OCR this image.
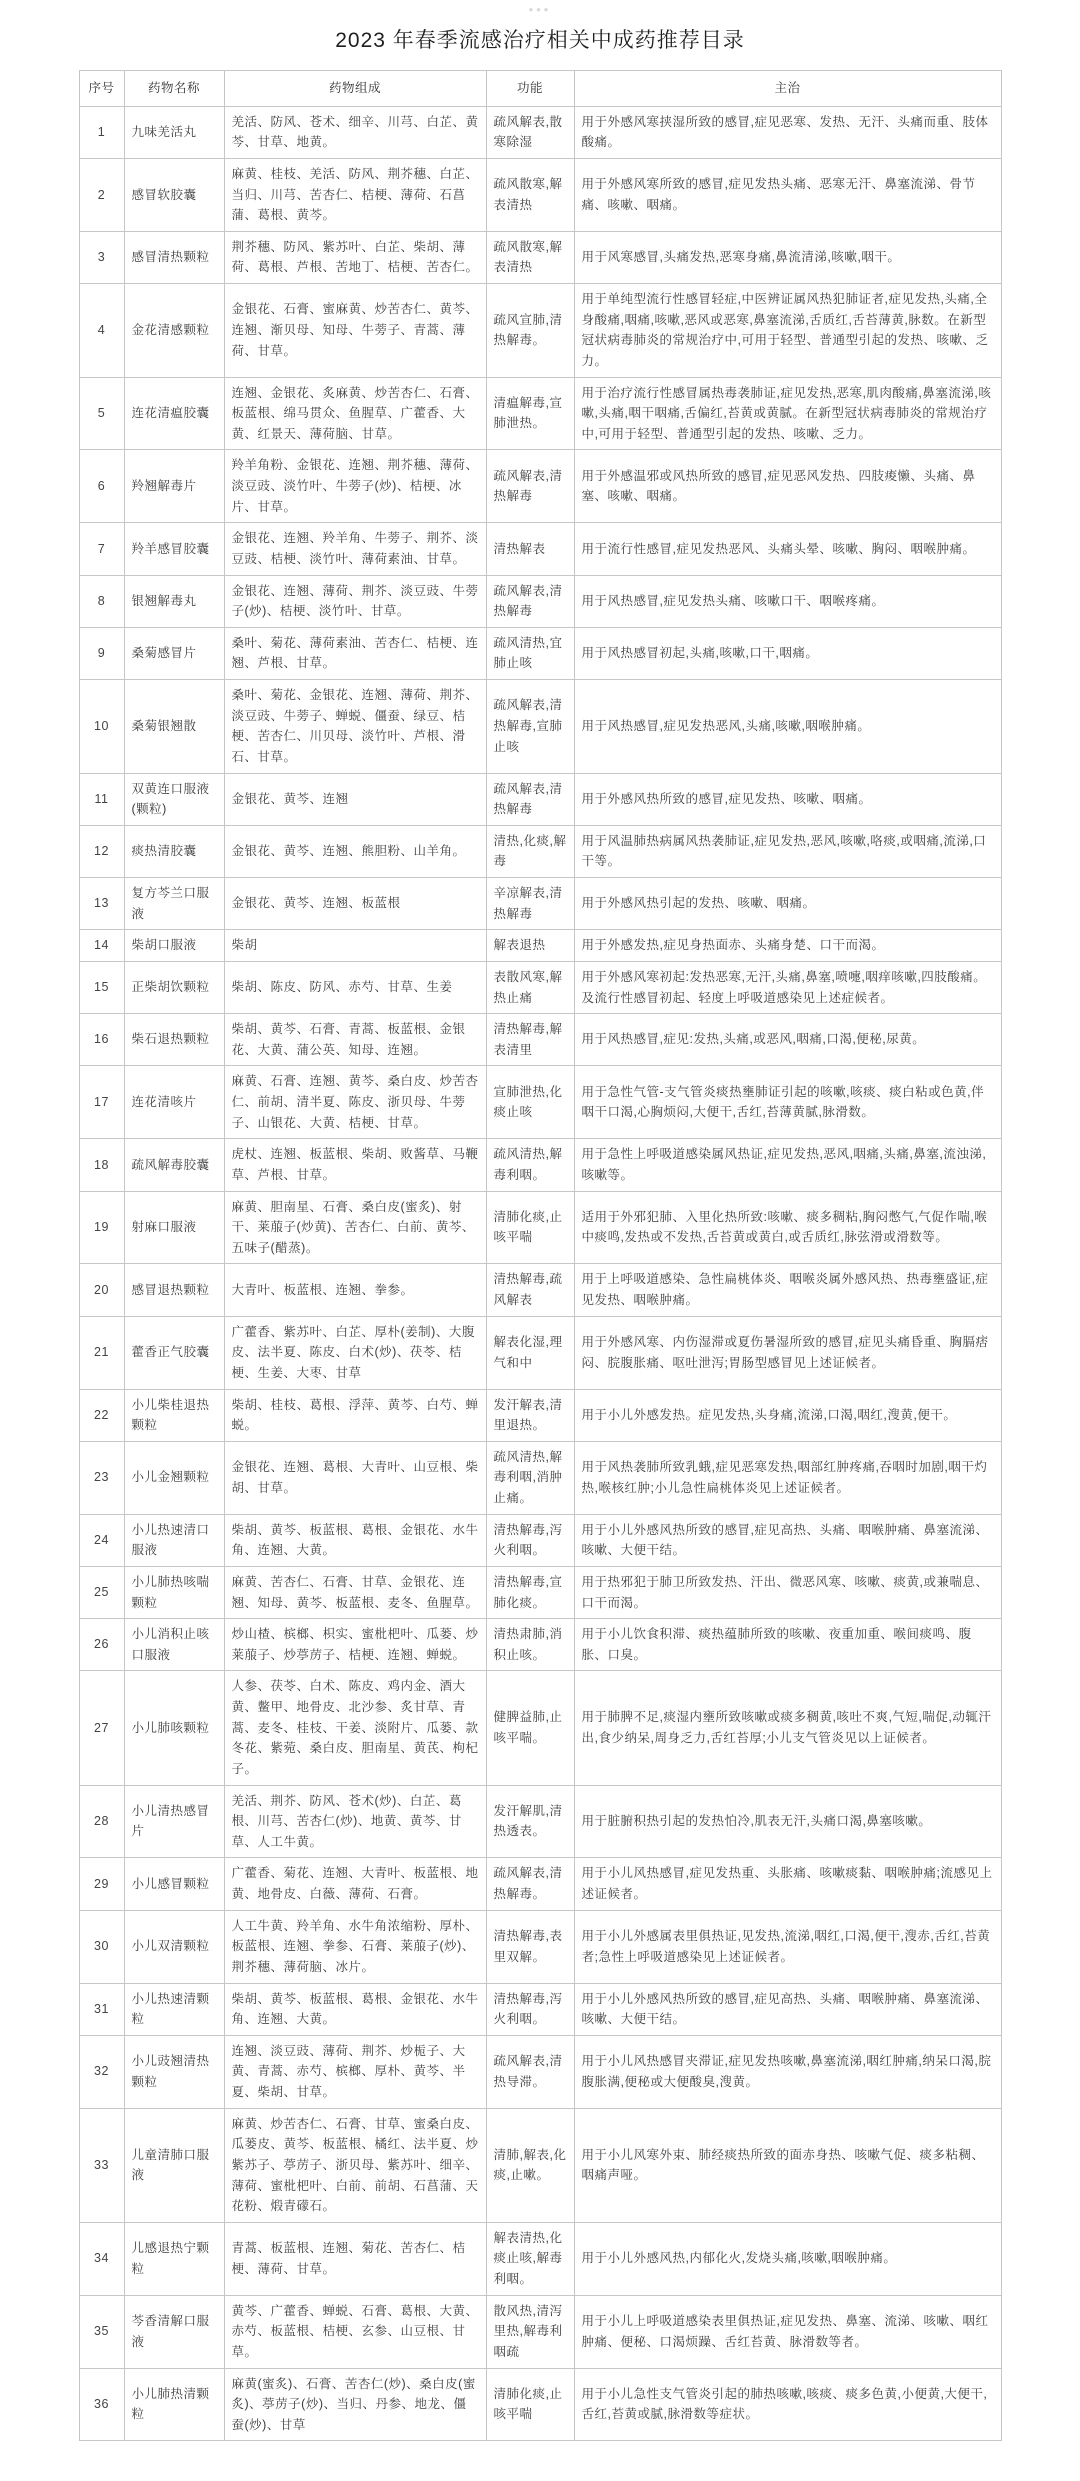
•••
2023 年春季流感治疗相关中成药推荐目录
序号	药物名称	药物组成	功能	主治
1	九味羌活丸	羌活、防风、苍术、细辛、川芎、白芷、黄芩、甘草、地黄。	疏风解表,散寒除湿	用于外感风寒挟湿所致的感冒,症见恶寒、发热、无汗、头痛而重、肢体酸痛。
2	感冒软胶囊	麻黄、桂枝、羌活、防风、荆芥穗、白芷、当归、川芎、苦杏仁、桔梗、薄荷、石菖蒲、葛根、黄芩。	疏风散寒,解表清热	用于外感风寒所致的感冒,症见发热头痛、恶寒无汗、鼻塞流涕、骨节痛、咳嗽、咽痛。
3	感冒清热颗粒	荆芥穗、防风、紫苏叶、白芷、柴胡、薄荷、葛根、芦根、苦地丁、桔梗、苦杏仁。	疏风散寒,解表清热	用于风寒感冒,头痛发热,恶寒身痛,鼻流清涕,咳嗽,咽干。
4	金花清感颗粒	金银花、石膏、蜜麻黄、炒苦杏仁、黄芩、连翘、渐贝母、知母、牛蒡子、青蒿、薄荷、甘草。	疏风宣肺,清热解毒。	用于单纯型流行性感冒轻症,中医辨证属风热犯肺证者,症见发热,头痛,全身酸痛,咽痛,咳嗽,恶风或恶寒,鼻塞流涕,舌质红,舌苔薄黄,脉数。在新型冠状病毒肺炎的常规治疗中,可用于轻型、普通型引起的发热、咳嗽、乏力。
5	连花清瘟胶囊	连翘、金银花、炙麻黄、炒苦杏仁、石膏、板蓝根、绵马贯众、鱼腥草、广藿香、大黄、红景天、薄荷脑、甘草。	清瘟解毒,宣肺泄热。	用于治疗流行性感冒属热毒袭肺证,症见发热,恶寒,肌肉酸痛,鼻塞流涕,咳嗽,头痛,咽干咽痛,舌偏红,苔黄或黄腻。在新型冠状病毒肺炎的常规治疗中,可用于轻型、普通型引起的发热、咳嗽、乏力。
6	羚翘解毒片	羚羊角粉、金银花、连翘、荆芥穗、薄荷、淡豆豉、淡竹叶、牛蒡子(炒)、桔梗、冰片、甘草。	疏风解表,清热解毒	用于外感温邪或风热所致的感冒,症见恶风发热、四肢痠懒、头痛、鼻塞、咳嗽、咽痛。
7	羚羊感冒胶囊	金银花、连翘、羚羊角、牛蒡子、荆芥、淡豆豉、桔梗、淡竹叶、薄荷素油、甘草。	清热解表	用于流行性感冒,症见发热恶风、头痛头晕、咳嗽、胸闷、咽喉肿痛。
8	银翘解毒丸	金银花、连翘、薄荷、荆芥、淡豆豉、牛蒡子(炒)、桔梗、淡竹叶、甘草。	疏风解表,清热解毒	用于风热感冒,症见发热头痛、咳嗽口干、咽喉疼痛。
9	桑菊感冒片	桑叶、菊花、薄荷素油、苦杏仁、桔梗、连翘、芦根、甘草。	疏风清热,宜肺止咳	用于风热感冒初起,头痛,咳嗽,口干,咽痛。
10	桑菊银翘散	桑叶、菊花、金银花、连翘、薄荷、荆芥、淡豆豉、牛蒡子、蝉蜕、僵蚕、绿豆、桔梗、苦杏仁、川贝母、淡竹叶、芦根、滑石、甘草。	疏风解表,清热解毒,宣肺止咳	用于风热感冒,症见发热恶风,头痛,咳嗽,咽喉肿痛。
11	双黄连口服液(颗粒)	金银花、黄芩、连翘	疏风解表,清热解毒	用于外感风热所致的感冒,症见发热、咳嗽、咽痛。
12	痰热清胶囊	金银花、黄芩、连翘、熊胆粉、山羊角。	清热,化痰,解毒	用于风温肺热病属风热袭肺证,症见发热,恶风,咳嗽,咯痰,或咽痛,流涕,口干等。
13	复方芩兰口服液	金银花、黄芩、连翘、板蓝根	辛凉解表,清热解毒	用于外感风热引起的发热、咳嗽、咽痛。
14	柴胡口服液	柴胡	解表退热	用于外感发热,症见身热面赤、头痛身楚、口干而渴。
15	正柴胡饮颗粒	柴胡、陈皮、防风、赤芍、甘草、生姜	表散风寒,解热止痛	用于外感风寒初起:发热恶寒,无汗,头痛,鼻塞,喷嚏,咽痒咳嗽,四肢酸痛。及流行性感冒初起、轻度上呼吸道感染见上述症候者。
16	柴石退热颗粒	柴胡、黄芩、石膏、青蒿、板蓝根、金银花、大黄、蒲公英、知母、连翘。	清热解毒,解表清里	用于风热感冒,症见:发热,头痛,或恶风,咽痛,口渴,便秘,尿黄。
17	连花清咳片	麻黄、石膏、连翘、黄芩、桑白皮、炒苦杏仁、前胡、清半夏、陈皮、浙贝母、牛蒡子、山银花、大黄、桔梗、甘草。	宣肺泄热,化痰止咳	用于急性气管-支气管炎痰热壅肺证引起的咳嗽,咳痰、痰白粘或色黄,伴咽干口渴,心胸烦闷,大便干,舌红,苔薄黄腻,脉滑数。
18	疏风解毒胶囊	虎杖、连翘、板蓝根、柴胡、败酱草、马鞭草、芦根、甘草。	疏风清热,解毒利咽。	用于急性上呼吸道感染属风热证,症见发热,恶风,咽痛,头痛,鼻塞,流浊涕,咳嗽等。
19	射麻口服液	麻黄、胆南星、石膏、桑白皮(蜜炙)、射干、莱菔子(炒黄)、苦杏仁、白前、黄芩、五味子(醋蒸)。	清肺化痰,止咳平喘	适用于外邪犯肺、入里化热所致:咳嗽、痰多稠粘,胸闷憋气,气促作喘,喉中痰鸣,发热或不发热,舌苔黄或黄白,或舌质红,脉弦滑或滑数等。
20	感冒退热颗粒	大青叶、板蓝根、连翘、拳参。	清热解毒,疏风解表	用于上呼吸道感染、急性扁桃体炎、咽喉炎属外感风热、热毒壅盛证,症见发热、咽喉肿痛。
21	藿香正气胶囊	广藿香、紫苏叶、白芷、厚朴(姜制)、大腹皮、法半夏、陈皮、白术(炒)、茯苓、桔梗、生姜、大枣、甘草	解表化湿,理气和中	用于外感风寒、内伤湿滞或夏伤暑湿所致的感冒,症见头痛昏重、胸膈痞闷、脘腹胀痛、呕吐泄泻;胃肠型感冒见上述证候者。
22	小儿柴桂退热颗粒	柴胡、桂枝、葛根、浮萍、黄芩、白芍、蝉蜕。	发汗解表,清里退热。	用于小儿外感发热。症见发热,头身痛,流涕,口渴,咽红,溲黄,便干。
23	小儿金翘颗粒	金银花、连翘、葛根、大青叶、山豆根、柴胡、甘草。	疏风清热,解毒利咽,消肿止痛。	用于风热袭肺所致乳蛾,症见恶寒发热,咽部红肿疼痛,吞咽时加剧,咽干灼热,喉核红肿;小儿急性扁桃体炎见上述证候者。
24	小儿热速清口服液	柴胡、黄芩、板蓝根、葛根、金银花、水牛角、连翘、大黄。	清热解毒,泻火利咽。	用于小儿外感风热所致的感冒,症见高热、头痛、咽喉肿痛、鼻塞流涕、咳嗽、大便干结。
25	小儿肺热咳喘颗粒	麻黄、苦杏仁、石膏、甘草、金银花、连翘、知母、黄芩、板蓝根、麦冬、鱼腥草。	清热解毒,宣肺化痰。	用于热邪犯于肺卫所致发热、汗出、微恶风寒、咳嗽、痰黄,或兼喘息、口干而渴。
26	小儿消积止咳口服液	炒山楂、槟榔、枳实、蜜枇杷叶、瓜蒌、炒莱菔子、炒葶苈子、桔梗、连翘、蝉蜕。	清热肃肺,消积止咳。	用于小儿饮食积滞、痰热蕴肺所致的咳嗽、夜重加重、喉间痰鸣、腹胀、口臭。
27	小儿肺咳颗粒	人参、茯苓、白术、陈皮、鸡内金、酒大黄、鳖甲、地骨皮、北沙参、炙甘草、青蒿、麦冬、桂枝、干姜、淡附片、瓜蒌、款冬花、紫菀、桑白皮、胆南星、黄芪、枸杞子。	健脾益肺,止咳平喘。	用于肺脾不足,痰湿内壅所致咳嗽或痰多稠黄,咳吐不爽,气短,喘促,动辄汗出,食少纳呆,周身乏力,舌红苔厚;小儿支气管炎见以上证候者。
28	小儿清热感冒片	羌活、荆芥、防风、苍术(炒)、白芷、葛根、川芎、苦杏仁(炒)、地黄、黄芩、甘草、人工牛黄。	发汗解肌,清热透表。	用于脏腑积热引起的发热怕冷,肌表无汗,头痛口渴,鼻塞咳嗽。
29	小儿感冒颗粒	广藿香、菊花、连翘、大青叶、板蓝根、地黄、地骨皮、白薇、薄荷、石膏。	疏风解表,清热解毒。	用于小儿风热感冒,症见发热重、头胀痛、咳嗽痰黏、咽喉肿痛;流感见上述证候者。
30	小儿双清颗粒	人工牛黄、羚羊角、水牛角浓缩粉、厚朴、板蓝根、连翘、拳参、石膏、莱菔子(炒)、荆芥穗、薄荷脑、冰片。	清热解毒,表里双解。	用于小儿外感属表里俱热证,见发热,流涕,咽红,口渴,便干,溲赤,舌红,苔黄者;急性上呼吸道感染见上述证候者。
31	小儿热速清颗粒	柴胡、黄芩、板蓝根、葛根、金银花、水牛角、连翘、大黄。	清热解毒,泻火利咽。	用于小儿外感风热所致的感冒,症见高热、头痛、咽喉肿痛、鼻塞流涕、咳嗽、大便干结。
32	小儿豉翘清热颗粒	连翘、淡豆豉、薄荷、荆芥、炒栀子、大黄、青蒿、赤芍、槟榔、厚朴、黄芩、半夏、柴胡、甘草。	疏风解表,清热导滞。	用于小儿风热感冒夹滞证,症见发热咳嗽,鼻塞流涕,咽红肿痛,纳呆口渴,脘腹胀满,便秘或大便酸臭,溲黄。
33	儿童清肺口服液	麻黄、炒苦杏仁、石膏、甘草、蜜桑白皮、瓜蒌皮、黄芩、板蓝根、橘红、法半夏、炒紫苏子、葶苈子、浙贝母、紫苏叶、细辛、薄荷、蜜枇杷叶、白前、前胡、石菖蒲、天花粉、煅青礞石。	清肺,解表,化痰,止嗽。	用于小儿风寒外束、肺经痰热所致的面赤身热、咳嗽气促、痰多粘稠、咽痛声哑。
34	儿感退热宁颗粒	青蒿、板蓝根、连翘、菊花、苦杏仁、桔梗、薄荷、甘草。	解表清热,化痰止咳,解毒利咽。	用于小儿外感风热,内郁化火,发烧头痛,咳嗽,咽喉肿痛。
35	芩香清解口服液	黄芩、广藿香、蝉蜕、石膏、葛根、大黄、赤芍、板蓝根、桔梗、玄参、山豆根、甘草。	散风热,清泻里热,解毒利咽疏	用于小儿上呼吸道感染表里俱热证,症见发热、鼻塞、流涕、咳嗽、咽红肿痛、便秘、口渴烦躁、舌红苔黄、脉滑数等者。
36	小儿肺热清颗粒	麻黄(蜜炙)、石膏、苦杏仁(炒)、桑白皮(蜜炙)、葶苈子(炒)、当归、丹参、地龙、僵蚕(炒)、甘草	清肺化痰,止咳平喘	用于小儿急性支气管炎引起的肺热咳嗽,咳痰、痰多色黄,小便黄,大便干,舌红,苔黄或腻,脉滑数等症状。
